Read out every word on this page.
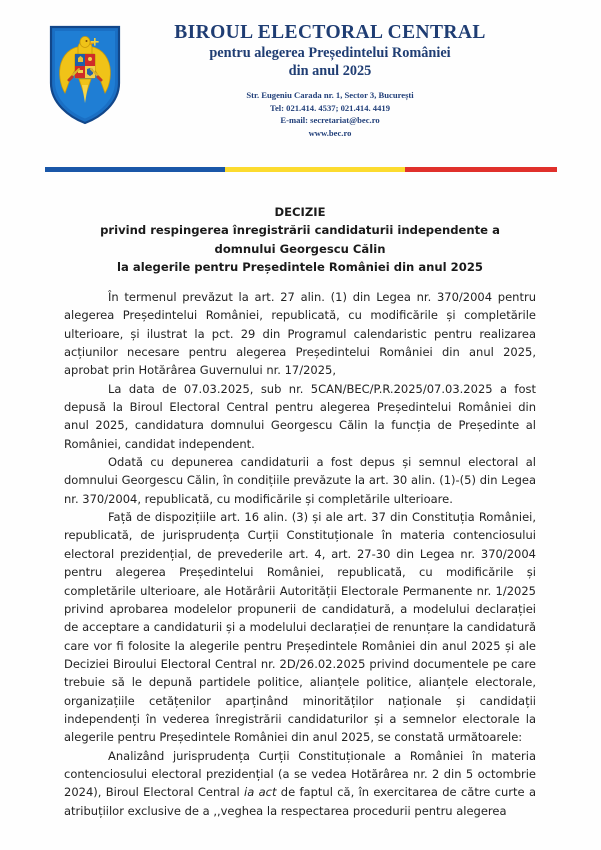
BIROUL ELECTORAL CENTRAL
pentru alegerea Președintelui României
din anul 2025
Str. Eugeniu Carada nr. 1, Sector 3, București
Tel: 021.414. 4537; 021.414. 4419
E-mail: secretariat@bec.ro
www.bec.ro
DECIZIE
privind respingerea înregistrării candidaturii independente a
domnului Georgescu Călin
la alegerile pentru Președintele României din anul 2025

În termenul prevăzut la art. 27 alin. (1) din Legea nr. 370/2004 pentru alegerea Președintelui României, republicată, cu modificările și completările ulterioare, și ilustrat la pct. 29 din Programul calendaristic pentru realizarea acțiunilor necesare pentru alegerea Președintelui României din anul 2025, aprobat prin Hotărârea Guvernului nr. 17/2025,

La data de 07.03.2025, sub nr. 5CAN/BEC/P.R.2025/07.03.2025 a fost depusă la Biroul Electoral Central pentru alegerea Președintelui României din anul 2025, candidatura domnului Georgescu Călin la funcția de Președinte al României, candidat independent.

Odată cu depunerea candidaturii a fost depus și semnul electoral al domnului Georgescu Călin, în condițiile prevăzute la art. 30 alin. (1)-(5) din Legea nr. 370/2004, republicată, cu modificările și completările ulterioare.

Față de dispozițiile art. 16 alin. (3) și ale art. 37 din Constituția României, republicată, de jurisprudența Curții Constituționale în materia contenciosului electoral prezidențial, de prevederile art. 4, art. 27-30 din Legea nr. 370/2004 pentru alegerea Președintelui României, republicată, cu modificările și completările ulterioare, ale Hotărârii Autorității Electorale Permanente nr. 1/2025 privind aprobarea modelelor propunerii de candidatură, a modelului declarației de acceptare a candidaturii și a modelului declarației de renunțare la candidatură care vor fi folosite la alegerile pentru Președintele României din anul 2025 și ale Deciziei Biroului Electoral Central nr. 2D/26.02.2025 privind documentele pe care trebuie să le depună partidele politice, alianțele politice, alianțele electorale, organizațiile cetățenilor aparținând minorităților naționale și candidații independenți în vederea înregistrării candidaturilor și a semnelor electorale la alegerile pentru Președintele României din anul 2025, se constată următoarele:

Analizând jurisprudența Curții Constituționale a României în materia contenciosului electoral prezidențial (a se vedea Hotărârea nr. 2 din 5 octombrie 2024), Biroul Electoral Central ia act de faptul că, în exercitarea de către curte a atribuțiilor exclusive de a ,,veghea la respectarea procedurii pentru alegerea
